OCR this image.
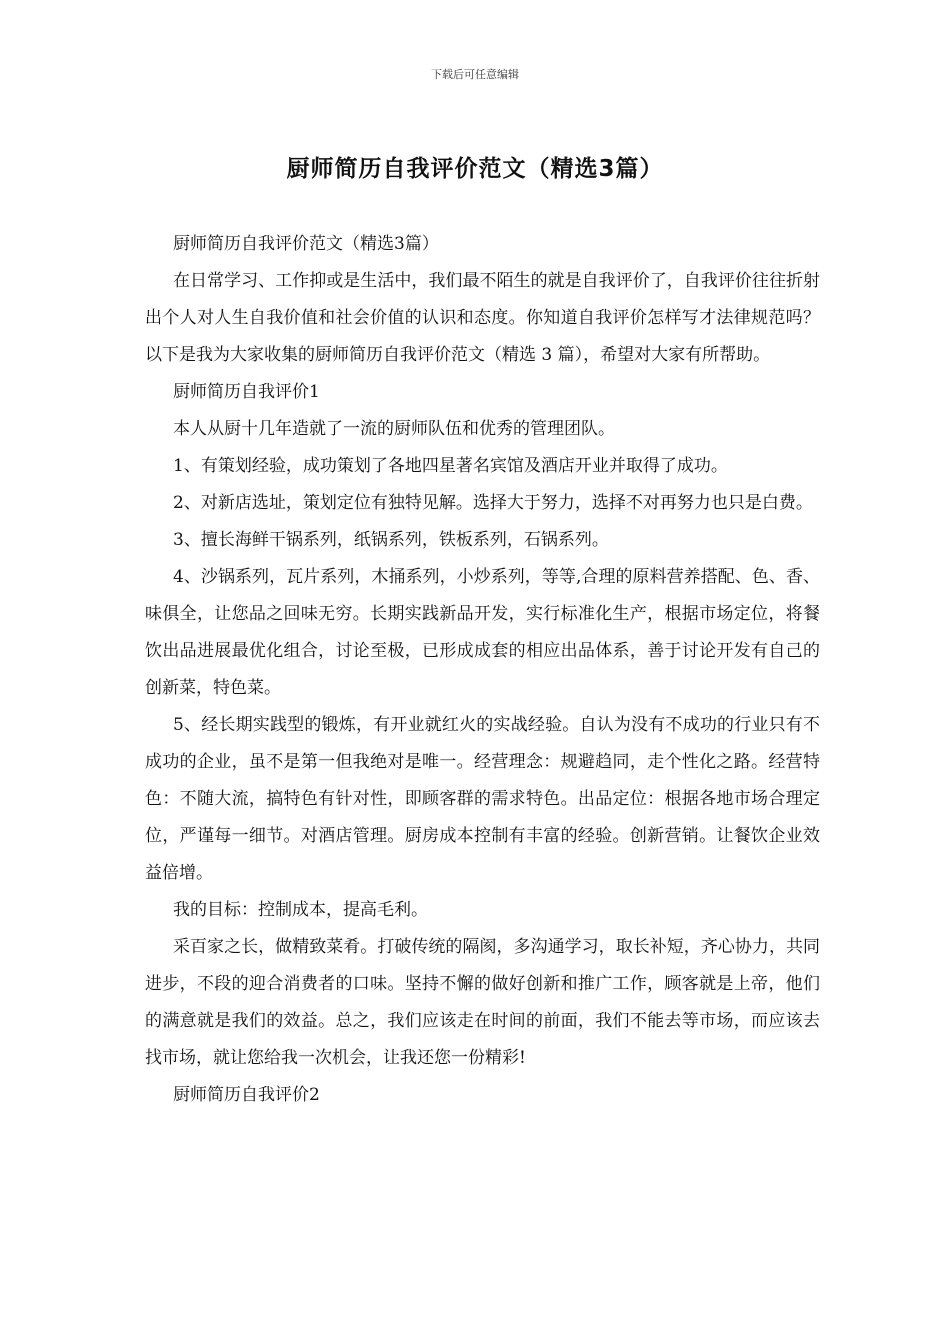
下载后可任意编辑
厨师简历自我评价范文（精选3篇）

厨师简历自我评价范文（精选3篇）

在日常学习、工作抑或是生活中，我们最不陌生的就是自我评价了，自我评价往往折射出个人对人生自我价值和社会价值的认识和态度。你知道自我评价怎样写才法律规范吗？以下是我为大家收集的厨师简历自我评价范文（精选 3 篇），希望对大家有所帮助。

厨师简历自我评价1

本人从厨十几年造就了一流的厨师队伍和优秀的管理团队。

1、有策划经验，成功策划了各地四星著名宾馆及酒店开业并取得了成功。

2、对新店选址，策划定位有独特见解。选择大于努力，选择不对再努力也只是白费。

3、擅长海鲜干锅系列，纸锅系列，铁板系列，石锅系列。

4、沙锅系列，瓦片系列，木捅系列，小炒系列，等等,合理的原料营养搭配、色、香、味俱全，让您品之回味无穷。长期实践新品开发，实行标准化生产，根据市场定位，将餐饮出品进展最优化组合，讨论至极，已形成成套的相应出品体系，善于讨论开发有自己的创新菜，特色菜。

5、经长期实践型的锻炼，有开业就红火的实战经验。自认为没有不成功的行业只有不成功的企业，虽不是第一但我绝对是唯一。经营理念：规避趋同，走个性化之路。经营特色：不随大流，搞特色有针对性，即顾客群的需求特色。出品定位：根据各地市场合理定位，严谨每一细节。对酒店管理。厨房成本控制有丰富的经验。创新营销。让餐饮企业效益倍增。

我的目标：控制成本，提高毛利。

采百家之长，做精致菜肴。打破传统的隔阂，多沟通学习，取长补短，齐心协力，共同进步，不段的迎合消费者的口味。坚持不懈的做好创新和推广工作，顾客就是上帝，他们的满意就是我们的效益。总之，我们应该走在时间的前面，我们不能去等市场，而应该去找市场，就让您给我一次机会，让我还您一份精彩!

厨师简历自我评价2
